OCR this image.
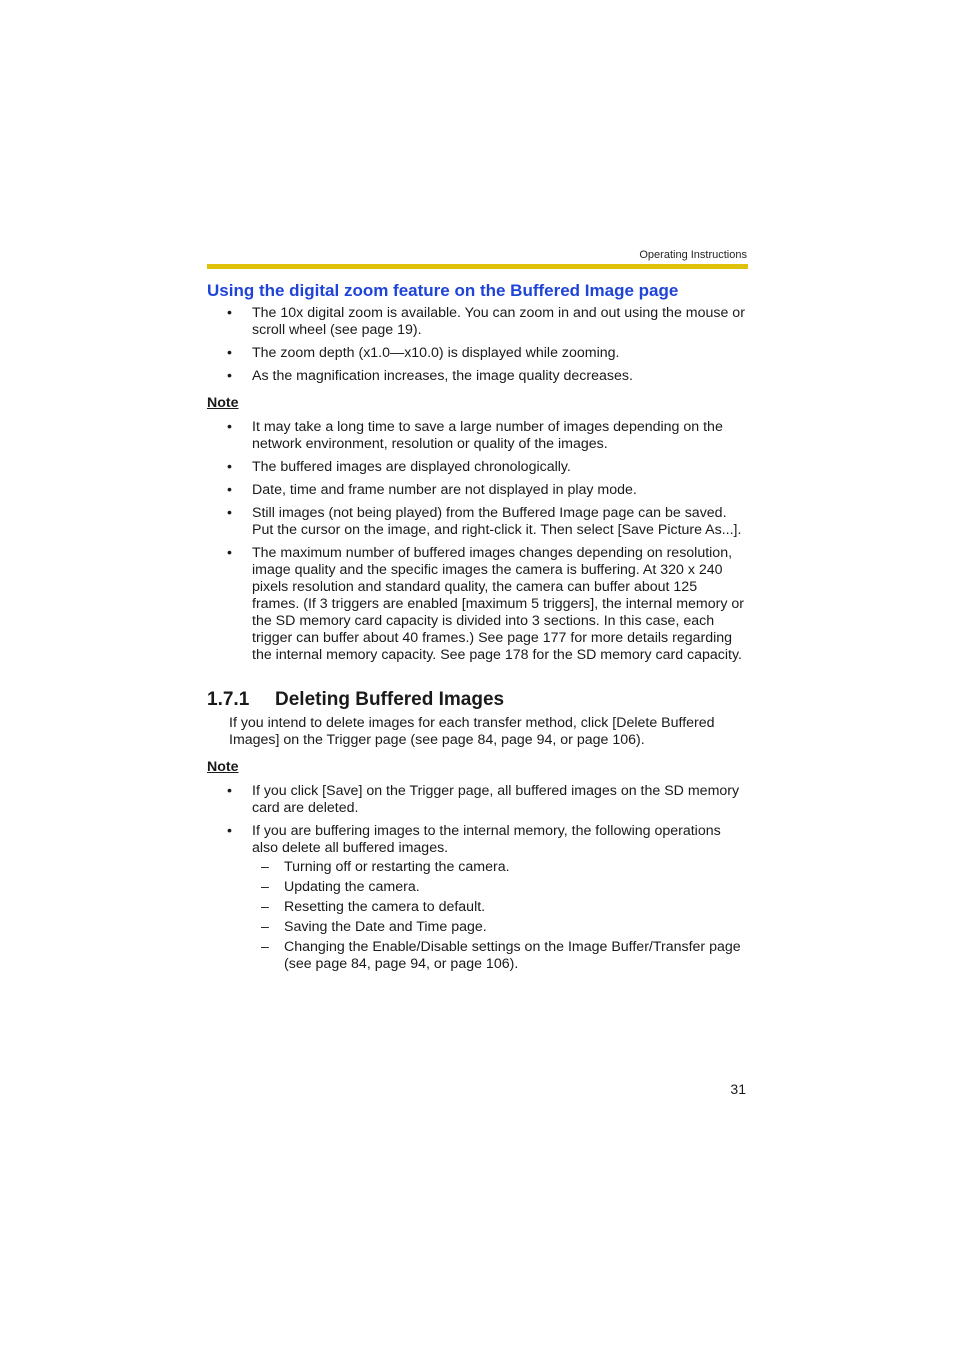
Operating Instructions
Using the digital zoom feature on the Buffered Image page
• The 10x digital zoom is available. You can zoom in and out using the mouse or scroll wheel (see page 19).
• The zoom depth (x1.0—x10.0) is displayed while zooming.
• As the magnification increases, the image quality decreases.
Note
• It may take a long time to save a large number of images depending on the network environment, resolution or quality of the images.
• The buffered images are displayed chronologically.
• Date, time and frame number are not displayed in play mode.
• Still images (not being played) from the Buffered Image page can be saved. Put the cursor on the image, and right-click it. Then select [Save Picture As...].
• The maximum number of buffered images changes depending on resolution, image quality and the specific images the camera is buffering. At 320 x 240 pixels resolution and standard quality, the camera can buffer about 125 frames. (If 3 triggers are enabled [maximum 5 triggers], the internal memory or the SD memory card capacity is divided into 3 sections. In this case, each trigger can buffer about 40 frames.) See page 177 for more details regarding the internal memory capacity. See page 178 for the SD memory card capacity.
1.7.1	Deleting Buffered Images

If you intend to delete images for each transfer method, click [Delete Buffered Images] on the Trigger page (see page 84, page 94, or page 106).

Note
• If you click [Save] on the Trigger page, all buffered images on the SD memory card are deleted.
• If you are buffering images to the internal memory, the following operations also delete all buffered images.
– Turning off or restarting the camera.
– Updating the camera.
– Resetting the camera to default.
– Saving the Date and Time page.
– Changing the Enable/Disable settings on the Image Buffer/Transfer page (see page 84, page 94, or page 106).
31
